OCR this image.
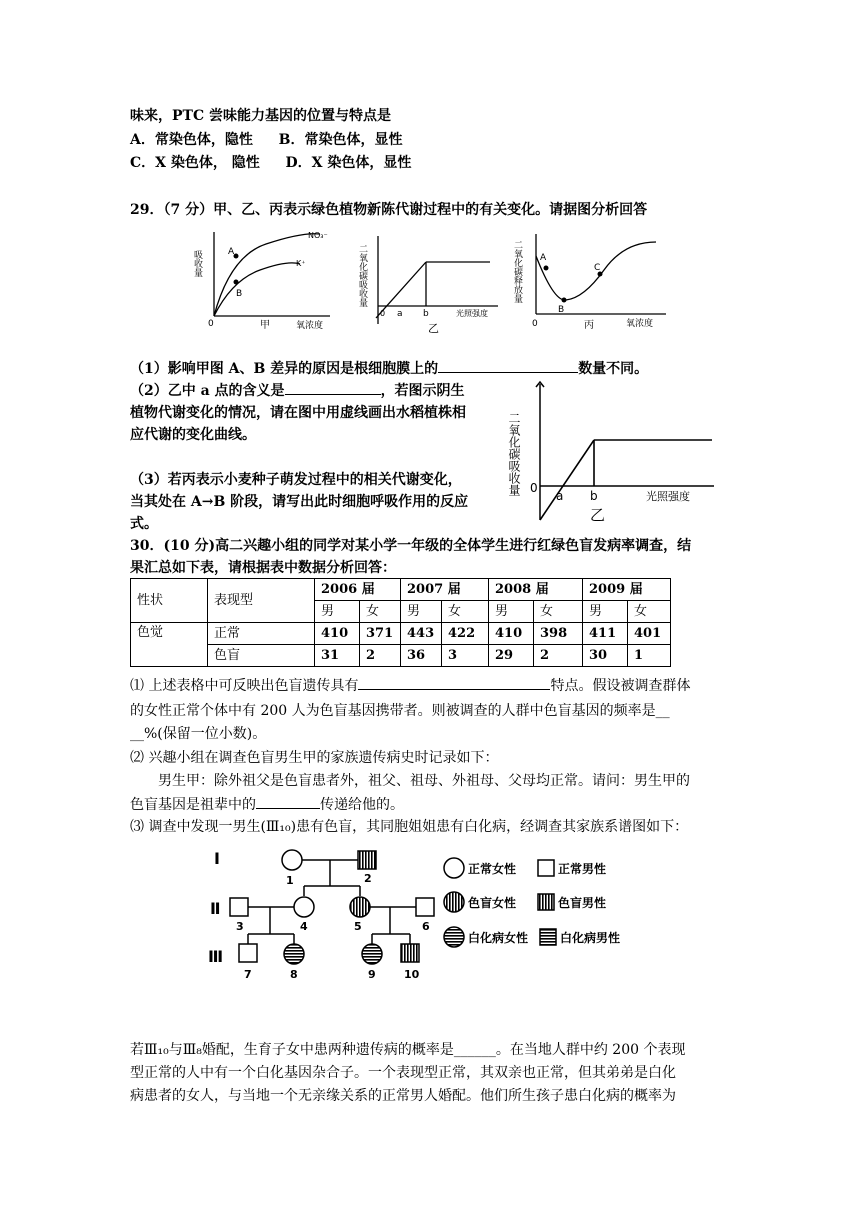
味来，PTC 尝味能力基因的位置与特点是
A．常染色体，隐性 B．常染色体，显性
C．X 染色体， 隐性 D．X 染色体，显性
29．（7 分）甲、乙、丙表示绿色植物新陈代谢过程中的有关变化。请据图分析回答
吸收量	A
B
NO₃⁻
K⁺
0	甲	氧浓度
二氧化碳吸收量
0 a b
乙
光照强度
二氧化碳释放量 A
B
C
0	丙	氧浓度
（1）影响甲图 A、B 差异的原因是根细胞膜上的	数量不同。
（2）乙中 a 点的含义是	，若图示阴生
植物代谢变化的情况，请在图中用虚线画出水稻植株相
应代谢的变化曲线。
（3）若丙表示小麦种子萌发过程中的相关代谢变化，
当其处在 A→B 阶段，请写出此时细胞呼吸作用的反应
式。
二氧化碳吸收量 0
a b
乙
光照强度
30．(10 分)高二兴趣小组的同学对某小学一年级的全体学生进行红绿色盲发病率调查，结
果汇总如下表，请根据表中数据分析回答：
性状	表现型	2006 届		2007 届		2008 届		2009 届	
		男	女	男	女	男	女	男	女
色觉	正常	410	371	443	422	410	398	411	401
	色盲	31	2	36	3	29	2	30	1
⑴ 上述表格中可反映出色盲遗传具有	特点。假设被调查群体
的女性正常个体中有 200 人为色盲基因携带者。则被调查的人群中色盲基因的频率是__
__%(保留一位小数)。
⑵ 兴趣小组在调查色盲男生甲的家族遗传病史时记录如下：
男生甲：除外祖父是色盲患者外，祖父、祖母、外祖母、父母均正常。请问：男生甲的
色盲基因是祖辈中的	传递给他的。
⑶ 调查中发现一男生(Ⅲ₁₀)患有色盲，其同胞姐姐患有白化病，经调查其家族系谱图如下：
Ⅰ
Ⅱ
Ⅲ
1	2
3	4	5	6
7	8	9	10
正常女性	正常男性
色盲女性	色盲男性
白化病女性	白化病男性
若Ⅲ₁₀与Ⅲ₈婚配，生育子女中患两种遗传病的概率是______。在当地人群中约 200 个表现
型正常的人中有一个白化基因杂合子。一个表现型正常，其双亲也正常，但其弟弟是白化
病患者的女人，与当地一个无亲缘关系的正常男人婚配。他们所生孩子患白化病的概率为
